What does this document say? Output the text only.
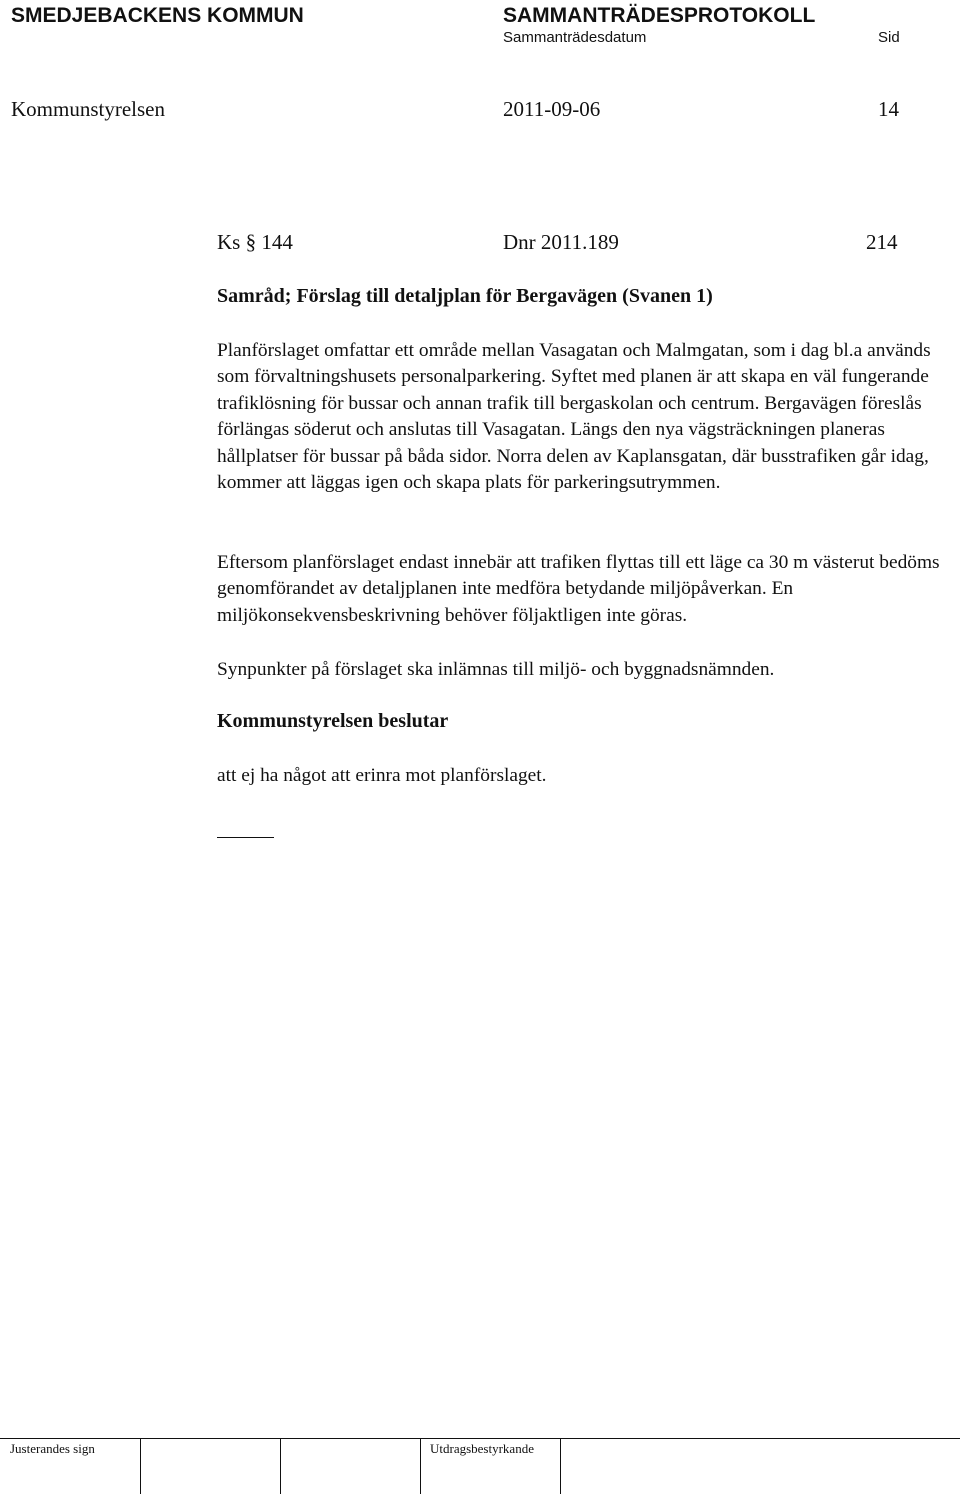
SMEDJEBACKENS KOMMUN	SAMMANTRÄDESPROTOKOLL
Sammanträdesdatum	Sid
Kommunstyrelsen	2011-09-06	14
Ks § 144	Dnr 2011.189	214
Samråd; Förslag till detaljplan för Bergavägen (Svanen 1)
Planförslaget omfattar ett område mellan Vasagatan och Malmgatan, som i dag bl.a används som förvaltningshusets personalparkering. Syftet med planen är att skapa en väl fungerande trafiklösning för bussar och annan trafik till bergaskolan och centrum. Bergavägen föreslås förlängas söderut och anslutas till Vasagatan. Längs den nya vägsträckningen planeras hållplatser för bussar på båda sidor. Norra delen av Kaplansgatan, där busstrafiken går idag, kommer att läggas igen och skapa plats för parkeringsutrymmen.
Eftersom planförslaget endast innebär att trafiken flyttas till ett läge ca 30 m västerut bedöms genomförandet av detaljplanen inte medföra betydande miljöpåverkan. En miljökonsekvensbeskrivning behöver följaktligen inte göras.
Synpunkter på förslaget ska inlämnas till miljö- och byggnadsnämnden.
Kommunstyrelsen beslutar
att ej ha något att erinra mot planförslaget.
Justerandes sign	Utdragsbestyrkande
